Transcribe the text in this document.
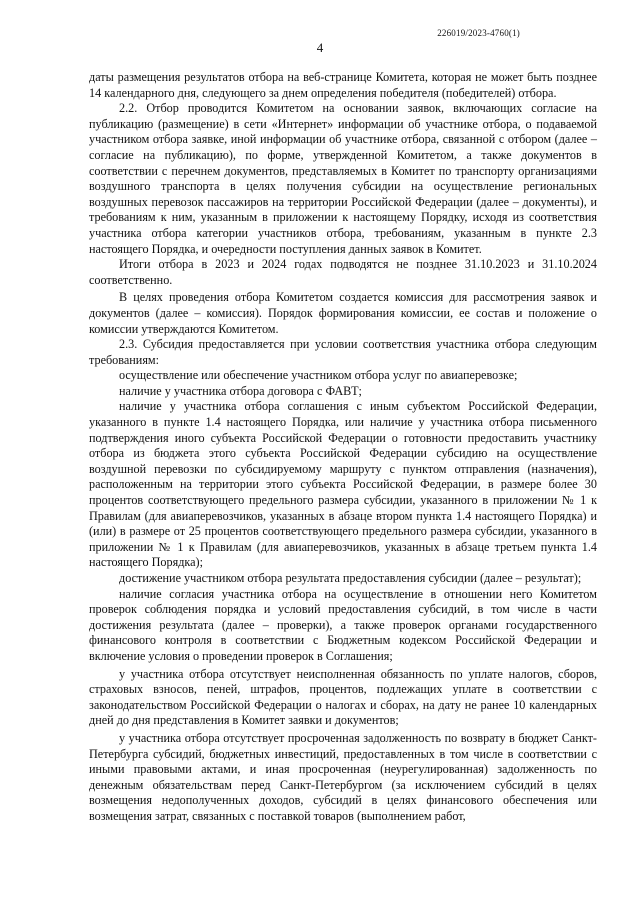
226019/2023-4760(1)
4

даты размещения результатов отбора на веб-странице Комитета, которая не может быть позднее 14 календарного дня, следующего за днем определения победителя (победителей) отбора.

2.2. Отбор проводится Комитетом на основании заявок, включающих согласие на публикацию (размещение) в сети «Интернет» информации об участнике отбора, о подаваемой участником отбора заявке, иной информации об участнике отбора, связанной с отбором (далее – согласие на публикацию), по форме, утвержденной Комитетом, а также документов в соответствии с перечнем документов, представляемых в Комитет по транспорту организациями воздушного транспорта в целях получения субсидии на осуществление региональных воздушных перевозок пассажиров на территории Российской Федерации (далее – документы), и требованиям к ним, указанным в приложении к настоящему Порядку, исходя из соответствия участника отбора категории участников отбора, требованиям, указанным в пункте 2.3 настоящего Порядка, и очередности поступления данных заявок в Комитет.

Итоги отбора в 2023 и 2024 годах подводятся не позднее 31.10.2023 и 31.10.2024 соответственно.

В целях проведения отбора Комитетом создается комиссия для рассмотрения заявок и документов (далее – комиссия). Порядок формирования комиссии, ее состав и положение о комиссии утверждаются Комитетом.

2.3. Субсидия предоставляется при условии соответствия участника отбора следующим требованиям:

осуществление или обеспечение участником отбора услуг по авиаперевозке;

наличие у участника отбора договора с ФАВТ;

наличие у участника отбора соглашения с иным субъектом Российской Федерации, указанного в пункте 1.4 настоящего Порядка, или наличие у участника отбора письменного подтверждения иного субъекта Российской Федерации о готовности предоставить участнику отбора из бюджета этого субъекта Российской Федерации субсидию на осуществление воздушной перевозки по субсидируемому маршруту с пунктом отправления (назначения), расположенным на территории этого субъекта Российской Федерации, в размере более 30 процентов соответствующего предельного размера субсидии, указанного в приложении № 1 к Правилам (для авиаперевозчиков, указанных в абзаце втором пункта 1.4 настоящего Порядка) и (или) в размере от 25 процентов соответствующего предельного размера субсидии, указанного в приложении № 1 к Правилам (для авиаперевозчиков, указанных в абзаце третьем пункта 1.4 настоящего Порядка);

достижение участником отбора результата предоставления субсидии (далее – результат);

наличие согласия участника отбора на осуществление в отношении него Комитетом проверок соблюдения порядка и условий предоставления субсидий, в том числе в части достижения результата (далее – проверки), а также проверок органами государственного финансового контроля в соответствии с Бюджетным кодексом Российской Федерации и включение условия о проведении проверок в Соглашения;

у участника отбора отсутствует неисполненная обязанность по уплате налогов, сборов, страховых взносов, пеней, штрафов, процентов, подлежащих уплате в соответствии с законодательством Российской Федерации о налогах и сборах, на дату не ранее 10 календарных дней до дня представления в Комитет заявки и документов;

у участника отбора отсутствует просроченная задолженность по возврату в бюджет Санкт-Петербурга субсидий, бюджетных инвестиций, предоставленных в том числе в соответствии с иными правовыми актами, и иная просроченная (неурегулированная) задолженность по денежным обязательствам перед Санкт-Петербургом (за исключением субсидий в целях возмещения недополученных доходов, субсидий в целях финансового обеспечения или возмещения затрат, связанных с поставкой товаров (выполнением работ,
